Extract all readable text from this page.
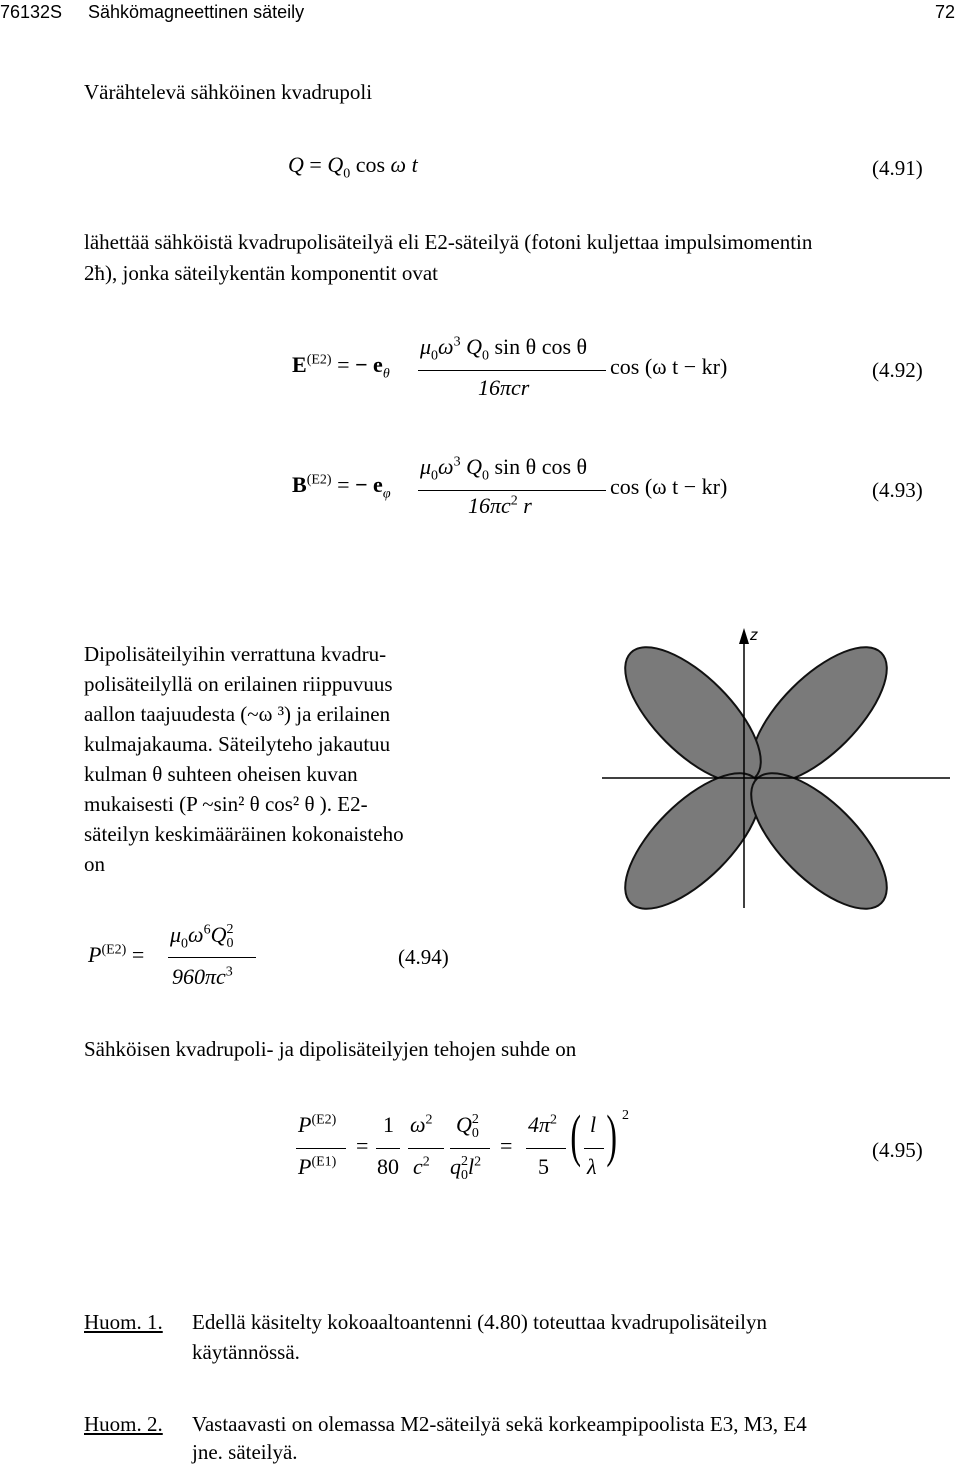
76132S Sähkömagneettinen säteily	72
Värähtelevä sähköinen kvadrupoli
$Q = Q_0$ cos ω t	(4.91)
lähettää sähköistä kvadrupolisäteilyä eli E2-säteilyä (fotoni kuljettaa impulsimomentin
2ħ), jonka säteilykentän komponentit ovat
$E^{(E2)}$ = − $e_\theta$
$\mu_0\omega^3$ $Q_0$ sin θ cos θ
16πcr
cos (ω t − kr)	(4.92)
$B^{(E2)}$ = − $e_\varphi$
$\mu_0\omega^3$ $Q_0$ sin θ cos θ
$16\pi c^2$ r
cos (ω t − kr)	(4.93)
Dipolisäteilyihin verrattuna kvadru-
polisäteilyllä on erilainen riippuvuus
aallon taajuudesta (~ω ³) ja erilainen
kulmajakauma. Säteilyteho jakautuu
kulman θ suhteen oheisen kuvan
mukaisesti (P ~sin² θ cos² θ ). E2-
säteilyn keskimääräinen kokonaisteho
on
z
$P^{(E2)}$ =
$\mu_0\omega^6Q$ 2
0
$960\pi c^3$
(4.94)
Sähköisen kvadrupoli- ja dipolisäteilyjen tehojen suhde on
$P^{(E2)}$
$P^{(E1)}$
=
1
80
$\omega^2$
$c^2$
Q 2
0
q 2
0 $l^2$
=
$4\pi^2$
5 ( l
λ ) 2
(4.95)
Huom. 1. Edellä käsitelty kokoaaltoantenni (4.80) toteuttaa kvadrupolisäteilyn
käytännössä.
Huom. 2. Vastaavasti on olemassa M2-säteilyä sekä korkeampipoolista E3, M3, E4
jne. säteilyä.
